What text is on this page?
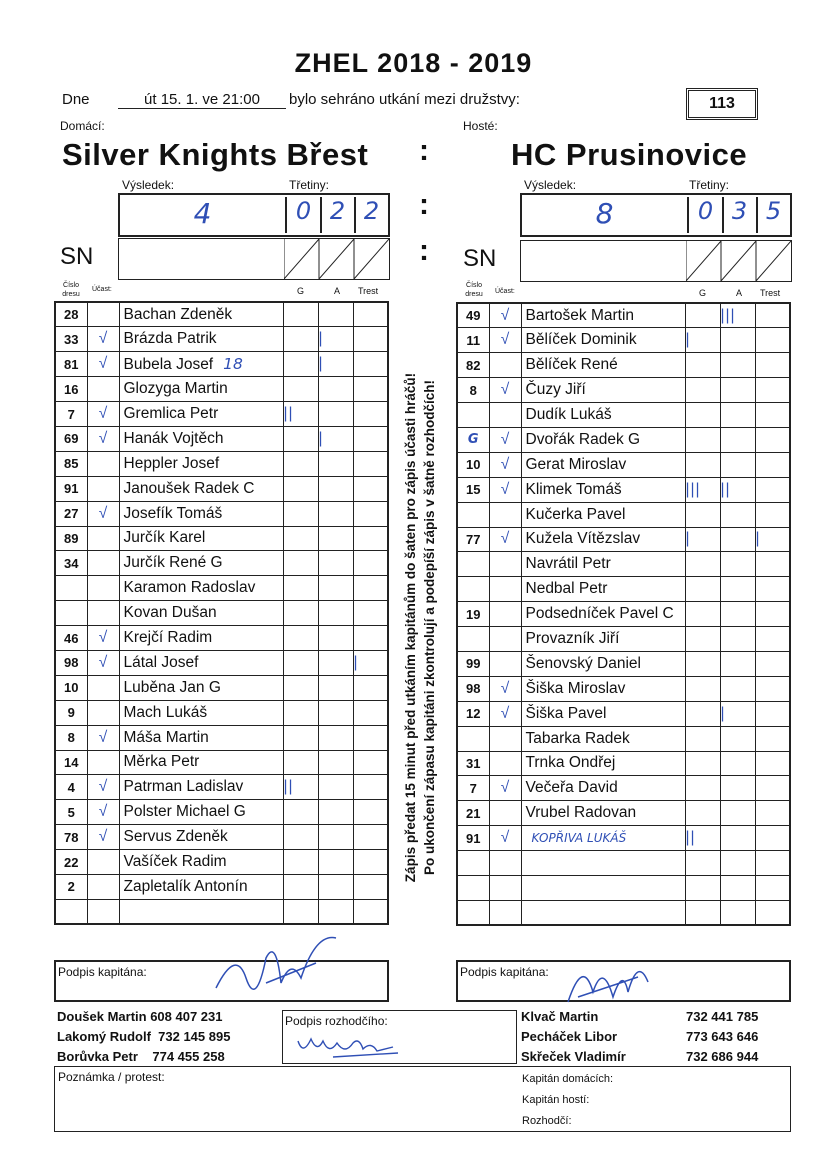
ZHEL 2018 - 2019
Dne	út 15. 1. ve 21:00	bylo sehráno utkání mezi družstvy:	113
Domácí:	Hosté:
Silver Knights Břest :	HC Prusinovice
Výsledek:	Třetiny:	Výsledek:	Třetiny:
4	0 2 2 :	8	0 3 5
SN	: SN
Číslo dresu
Účast:	G	A Trest
Číslo dresu	Účast:	G	A Trest
28		Bachan Zdeněk			
33	√	Brázda Patrik		|	
81	√	Bubela Josef 18		|	
16		Glozyga Martin			
7	√	Gremlica Petr	||		
69	√	Hanák Vojtěch		|	
85		Heppler Josef			
91		Janoušek Radek C			
27	√	Josefík Tomáš			
89		Jurčík Karel			
34		Jurčík René G			
		Karamon Radoslav			
		Kovan Dušan			
46	√	Krejčí Radim			
98	√	Látal Josef			|
10		Luběna Jan G			
9		Mach Lukáš			
8	√	Máša Martin			
14		Měrka Petr			
4	√	Patrman Ladislav	||		
5	√	Polster Michael G			
78	√	Servus Zdeněk			
22		Vašíček Radim			
2		Zapletalík Antonín			

49	√	Bartošek Martin		|||	
11	√	Bělíček Dominik	|		
82		Bělíček René			
8	√	Čuzy Jiří			
		Dudík Lukáš			
G	√	Dvořák Radek G			
10	√	Gerat Miroslav			
15	√	Klimek Tomáš	|||	||	
		Kučerka Pavel			
77	√	Kužela Vítězslav	|		|
		Navrátil Petr			
		Nedbal Petr			
19		Podsedníček Pavel C			
		Provazník Jiří			
99		Šenovský Daniel			
98	√	Šiška Miroslav			
12	√	Šiška Pavel		|	
		Tabarka Radek			
31		Trnka Ondřej			
7	√	Večeřa David			
21		Vrubel Radovan			
91	√	KOPŘIVA LUKÁŠ	||		

Zápis předat 15 minut před utkáním kapitánům do šaten pro zápis účasti hráčů! Po ukončení zápasu kapitáni zkontrolují a podepíší zápis v šatně rozhodčích!
Podpis kapitána:	Podpis kapitána:
Doušek Martin 608 407 231
Lakomý Rudolf 732 145 895
Borůvka Petr 774 455 258
Podpis rozhodčího:	Klvač Martin
Pecháček Libor
Skřeček Vladimír
732 441 785
773 643 646
732 686 944
Poznámka / protest:	Kapitán domácích:
Kapitán hostí:
Rozhodčí:
